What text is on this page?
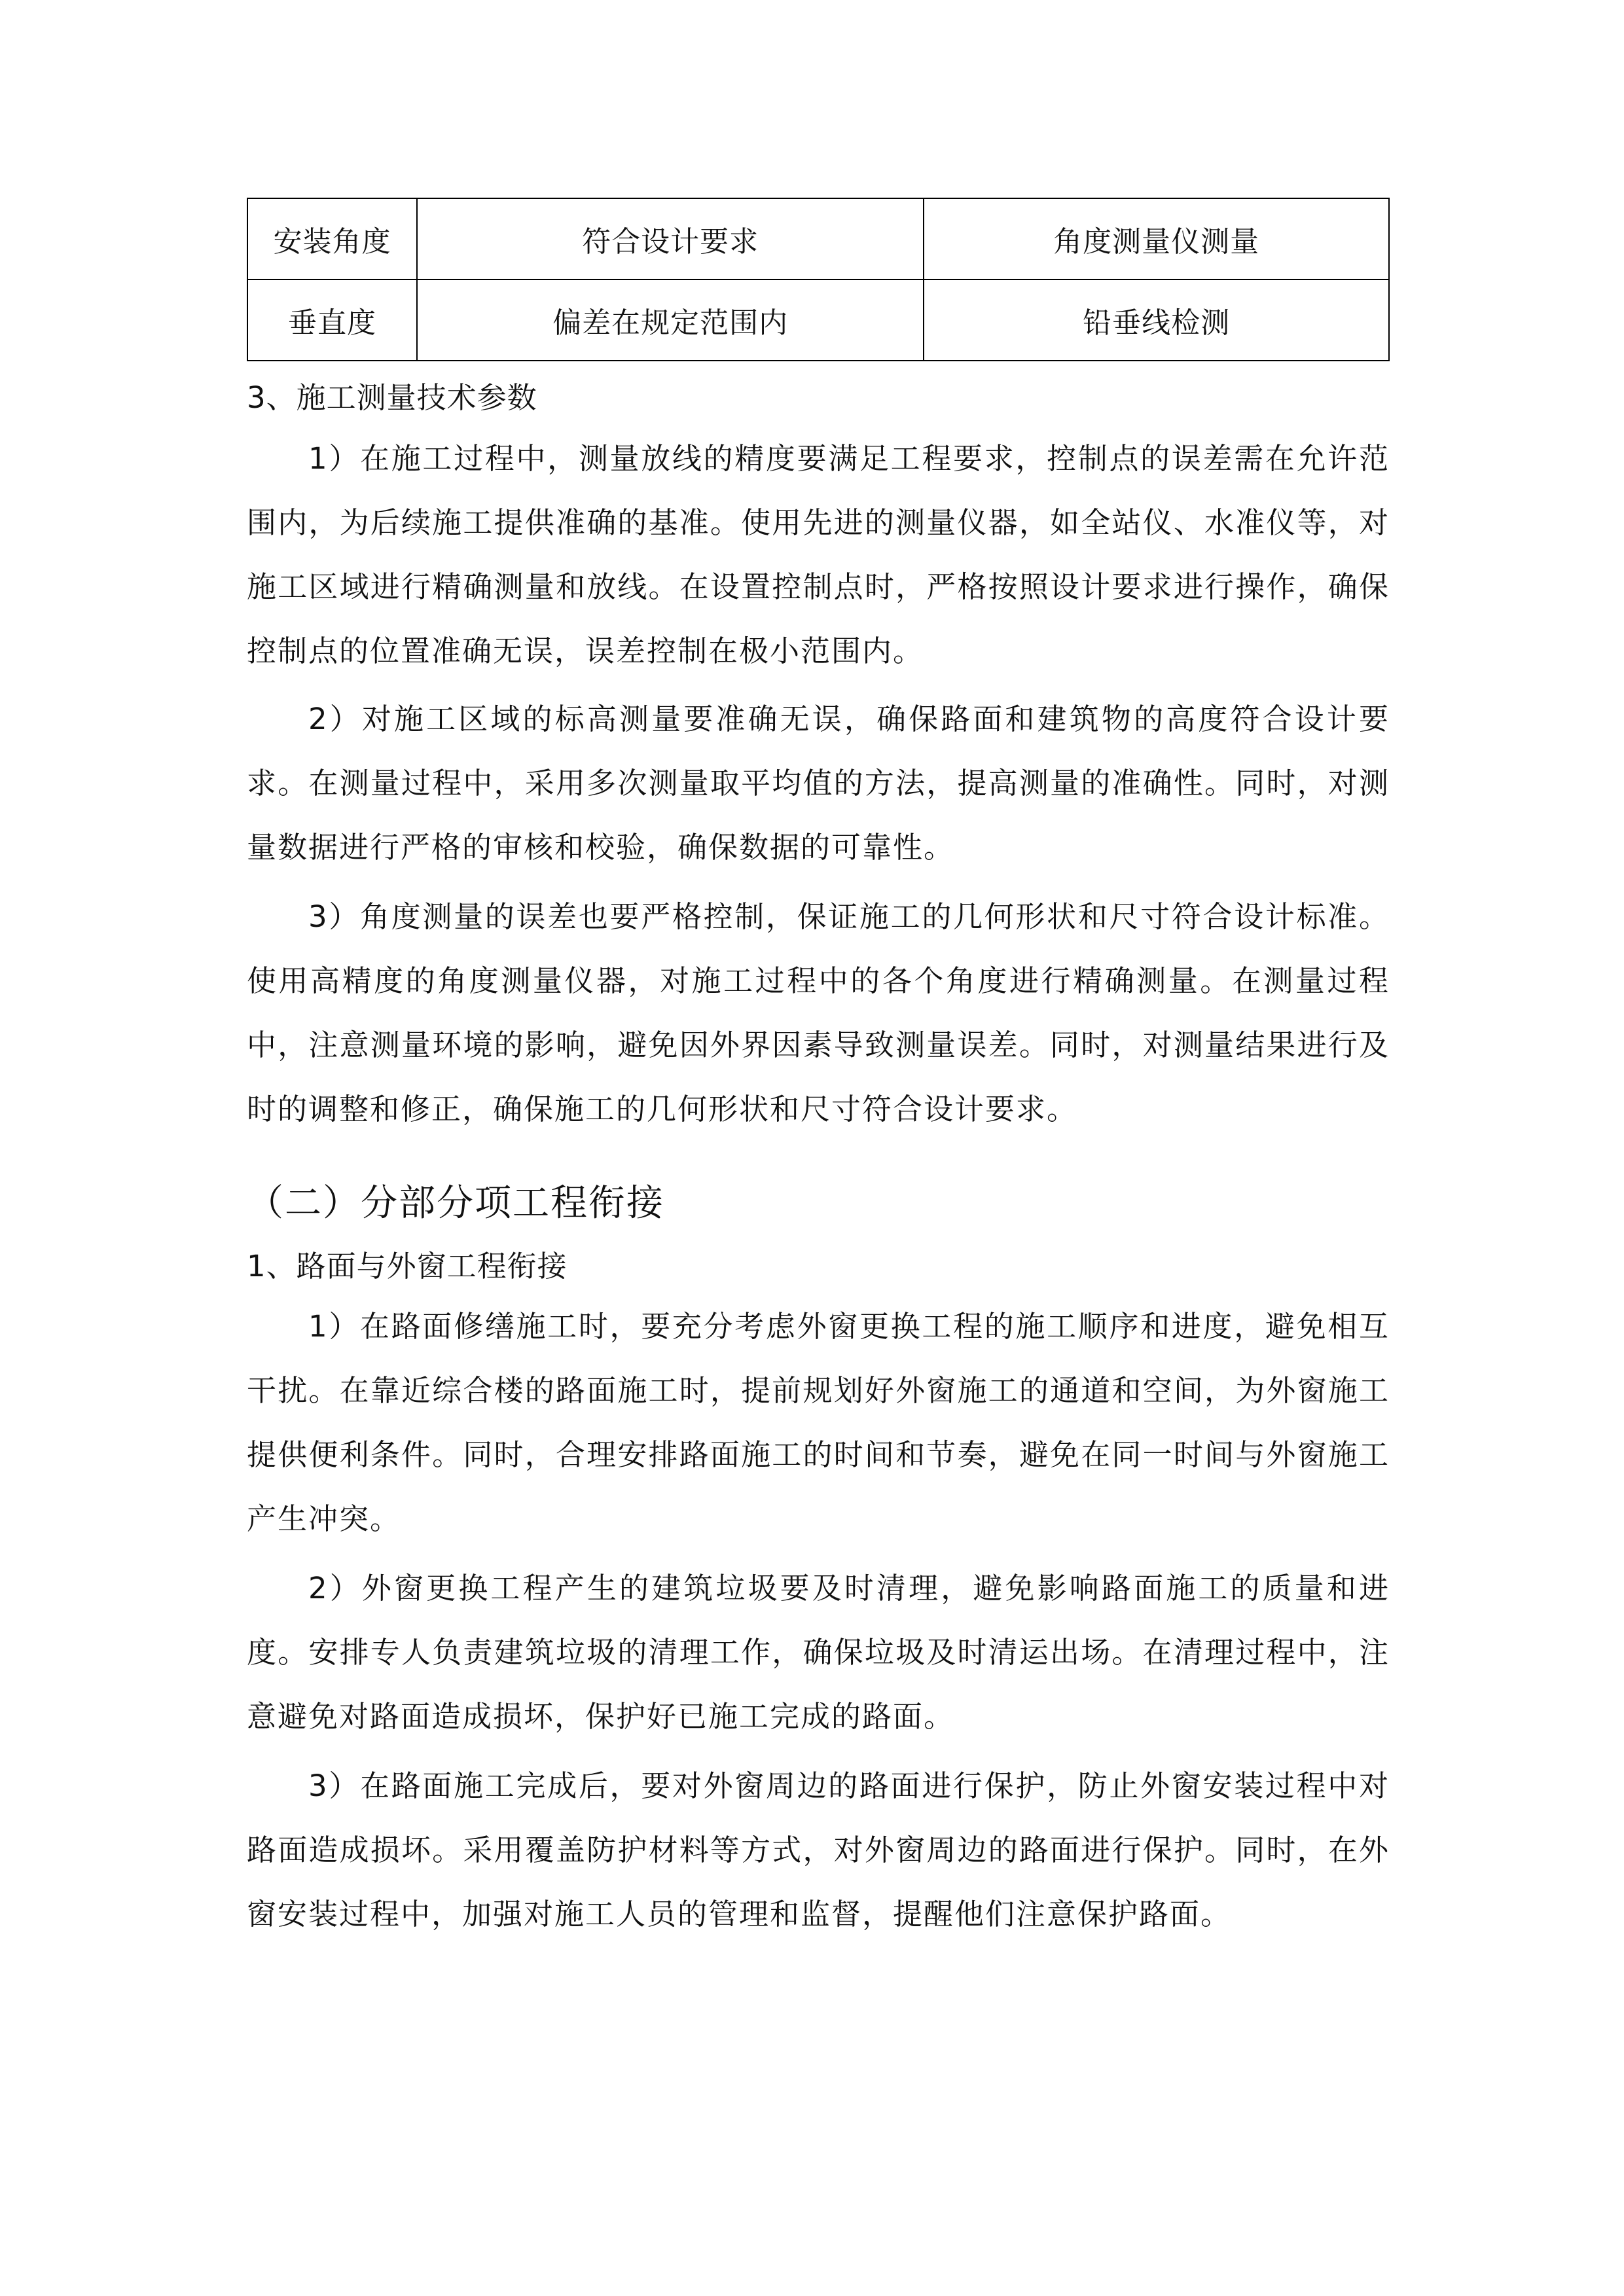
安装角度	符合设计要求	角度测量仪测量
垂直度	偏差在规定范围内	铅垂线检测
3、施工测量技术参数

1）在施工过程中，测量放线的精度要满足工程要求，控制点的误差需在允许范围内，为后续施工提供准确的基准。使用先进的测量仪器，如全站仪、水准仪等，对施工区域进行精确测量和放线。在设置控制点时，严格按照设计要求进行操作，确保控制点的位置准确无误，误差控制在极小范围内。

2）对施工区域的标高测量要准确无误，确保路面和建筑物的高度符合设计要求。在测量过程中，采用多次测量取平均值的方法，提高测量的准确性。同时，对测量数据进行严格的审核和校验，确保数据的可靠性。

3）角度测量的误差也要严格控制，保证施工的几何形状和尺寸符合设计标准。使用高精度的角度测量仪器，对施工过程中的各个角度进行精确测量。在测量过程中，注意测量环境的影响，避免因外界因素导致测量误差。同时，对测量结果进行及时的调整和修正，确保施工的几何形状和尺寸符合设计要求。

（二）分部分项工程衔接
1、路面与外窗工程衔接

1）在路面修缮施工时，要充分考虑外窗更换工程的施工顺序和进度，避免相互干扰。在靠近综合楼的路面施工时，提前规划好外窗施工的通道和空间，为外窗施工提供便利条件。同时，合理安排路面施工的时间和节奏，避免在同一时间与外窗施工产生冲突。

2）外窗更换工程产生的建筑垃圾要及时清理，避免影响路面施工的质量和进度。安排专人负责建筑垃圾的清理工作，确保垃圾及时清运出场。在清理过程中，注意避免对路面造成损坏，保护好已施工完成的路面。

3）在路面施工完成后，要对外窗周边的路面进行保护，防止外窗安装过程中对路面造成损坏。采用覆盖防护材料等方式，对外窗周边的路面进行保护。同时，在外窗安装过程中，加强对施工人员的管理和监督，提醒他们注意保护路面。
